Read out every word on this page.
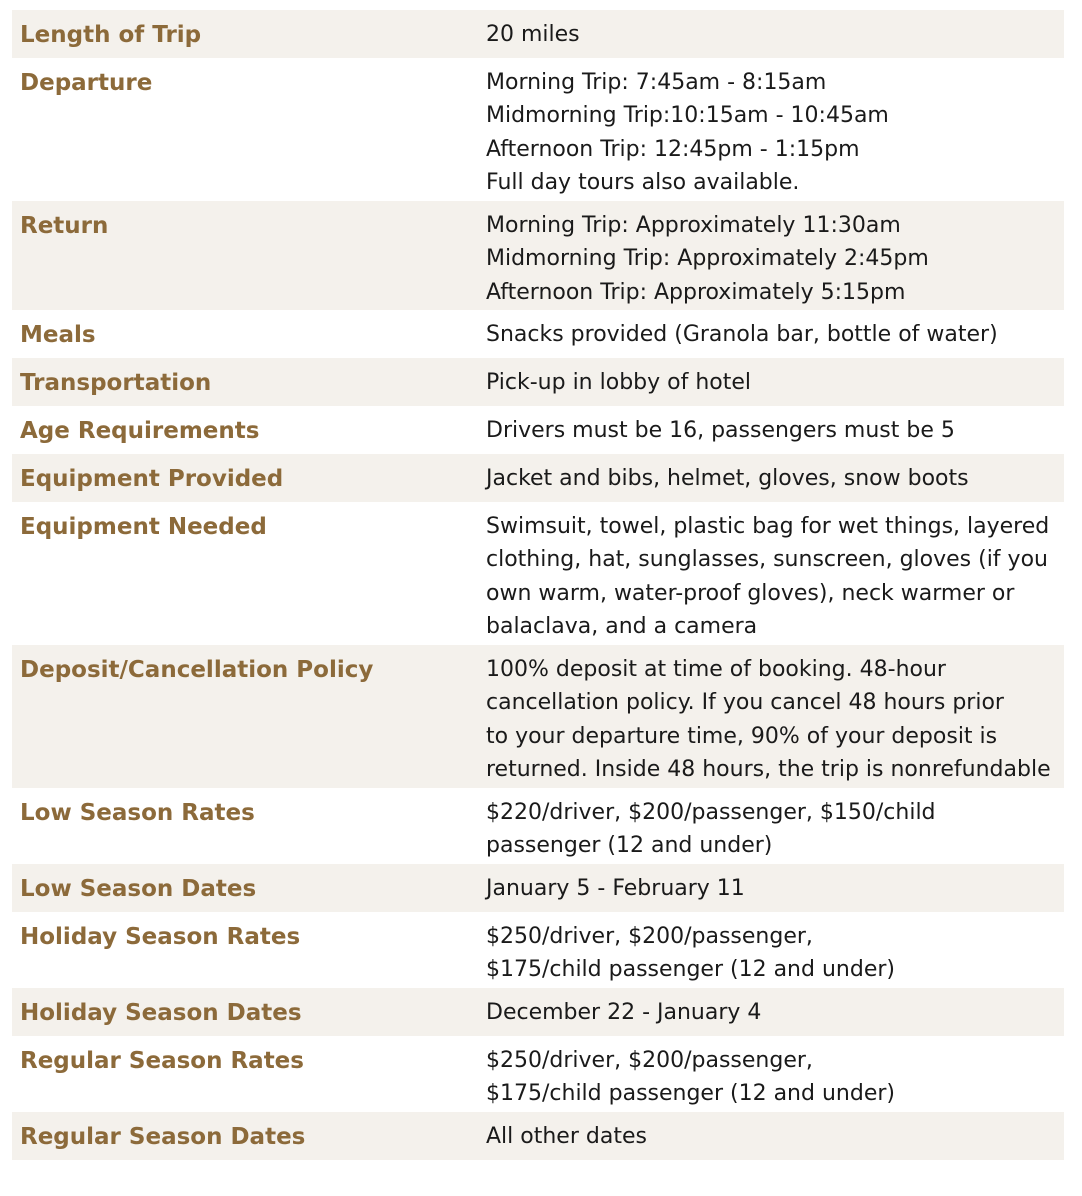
Length of Trip	20 miles
Departure	Morning Trip: 7:45am - 8:15am
Midmorning Trip:10:15am - 10:45am
Afternoon Trip: 12:45pm - 1:15pm
Full day tours also available.
Return	Morning Trip: Approximately 11:30am
Midmorning Trip: Approximately 2:45pm
Afternoon Trip: Approximately 5:15pm
Meals	Snacks provided (Granola bar, bottle of water)
Transportation	Pick-up in lobby of hotel
Age Requirements	Drivers must be 16, passengers must be 5
Equipment Provided	Jacket and bibs, helmet, gloves, snow boots
Equipment Needed	Swimsuit, towel, plastic bag for wet things, layered
clothing, hat, sunglasses, sunscreen, gloves (if you
own warm, water-proof gloves), neck warmer or
balaclava, and a camera
Deposit/Cancellation Policy	100% deposit at time of booking. 48-hour
cancellation policy. If you cancel 48 hours prior
to your departure time, 90% of your deposit is
returned. Inside 48 hours, the trip is nonrefundable
Low Season Rates	$220/driver, $200/passenger, $150/child
passenger (12 and under)
Low Season Dates	January 5 - February 11
Holiday Season Rates	$250/driver, $200/passenger,
$175/child passenger (12 and under)
Holiday Season Dates	December 22 - January 4
Regular Season Rates	$250/driver, $200/passenger,
$175/child passenger (12 and under)
Regular Season Dates	All other dates
